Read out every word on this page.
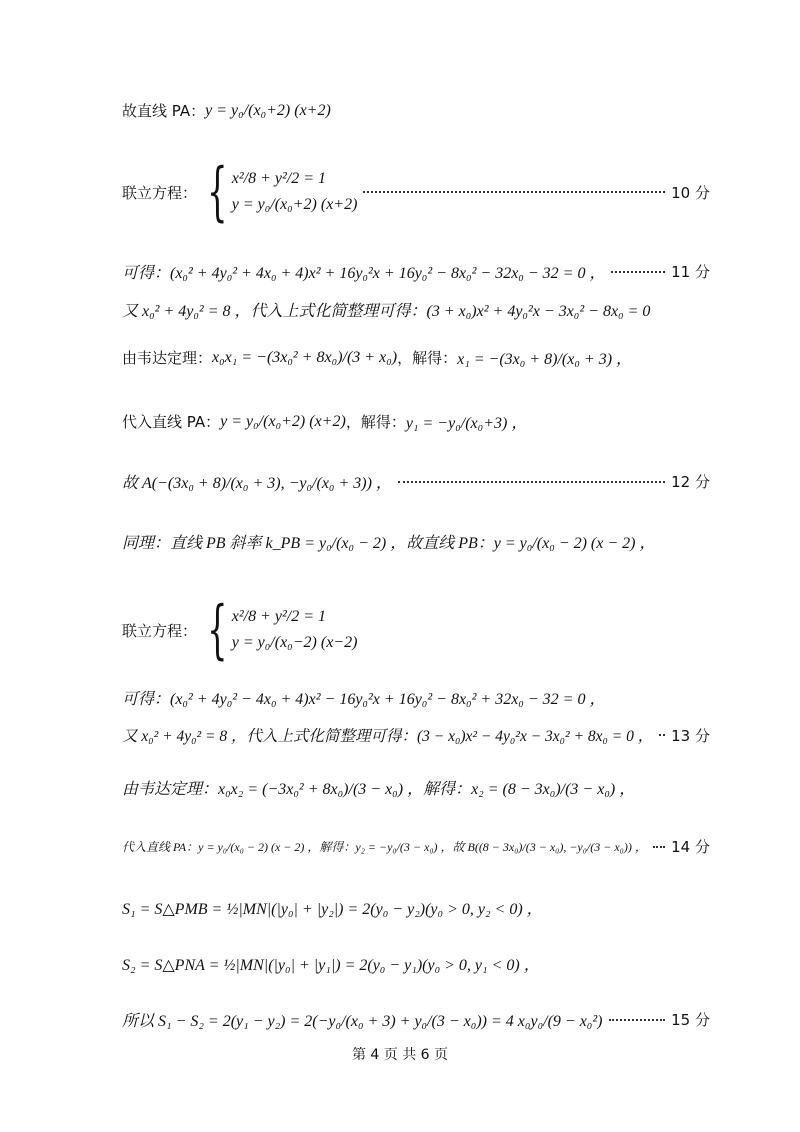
故直线 PA： y = y₀/(x₀+2) (x+2)
联立方程： { x²/8 + y²/2 = 1
y = y₀/(x₀+2) (x+2)
10 分
可得：(x₀² + 4y₀² + 4x₀ + 4)x² + 16y₀²x + 16y₀² − 8x₀² − 32x₀ − 32 = 0 ，	11 分
又 x₀² + 4y₀² = 8 ，代入上式化简整理可得：(3 + x₀)x² + 4y₀²x − 3x₀² − 8x₀ = 0
由韦达定理： x₀x₁ = −(3x₀² + 8x₀)/(3 + x₀) ，解得： x₁ = −(3x₀ + 8)/(x₀ + 3) ，
代入直线 PA： y = y₀/(x₀+2) (x+2) ，解得： y₁ = −y₀/(x₀+3) ，
故 A(−(3x₀ + 8)/(x₀ + 3), −y₀/(x₀ + 3)) ，	12 分
同理：直线 PB 斜率 k_PB = y₀/(x₀ − 2) ，故直线 PB：y = y₀/(x₀ − 2) (x − 2) ，
联立方程： { x²/8 + y²/2 = 1
y = y₀/(x₀−2) (x−2)
可得：(x₀² + 4y₀² − 4x₀ + 4)x² − 16y₀²x + 16y₀² − 8x₀² + 32x₀ − 32 = 0 ，
又 x₀² + 4y₀² = 8 ，代入上式化简整理可得：(3 − x₀)x² − 4y₀²x − 3x₀² + 8x₀ = 0 ， 13 分
由韦达定理：x₀x₂ = (−3x₀² + 8x₀)/(3 − x₀) ，解得：x₂ = (8 − 3x₀)/(3 − x₀) ，
代入直线 PA：y = y₀/(x₀ − 2) (x − 2) ，解得：y₂ = −y₀/(3 − x₀) ，故 B((8 − 3x₀)/(3 − x₀), −y₀/(3 − x₀)) ， 14 分
S₁ = S△PMB = ½|MN|(|y₀| + |y₂|) = 2(y₀ − y₂)(y₀ > 0, y₂ < 0) ，
S₂ = S△PNA = ½|MN|(|y₀| + |y₁|) = 2(y₀ − y₁)(y₀ > 0, y₁ < 0) ，
所以 S₁ − S₂ = 2(y₁ − y₂) = 2(−y₀/(x₀ + 3) + y₀/(3 − x₀)) = 4 x₀y₀/(9 − x₀²)	15 分
第 4 页 共 6 页
